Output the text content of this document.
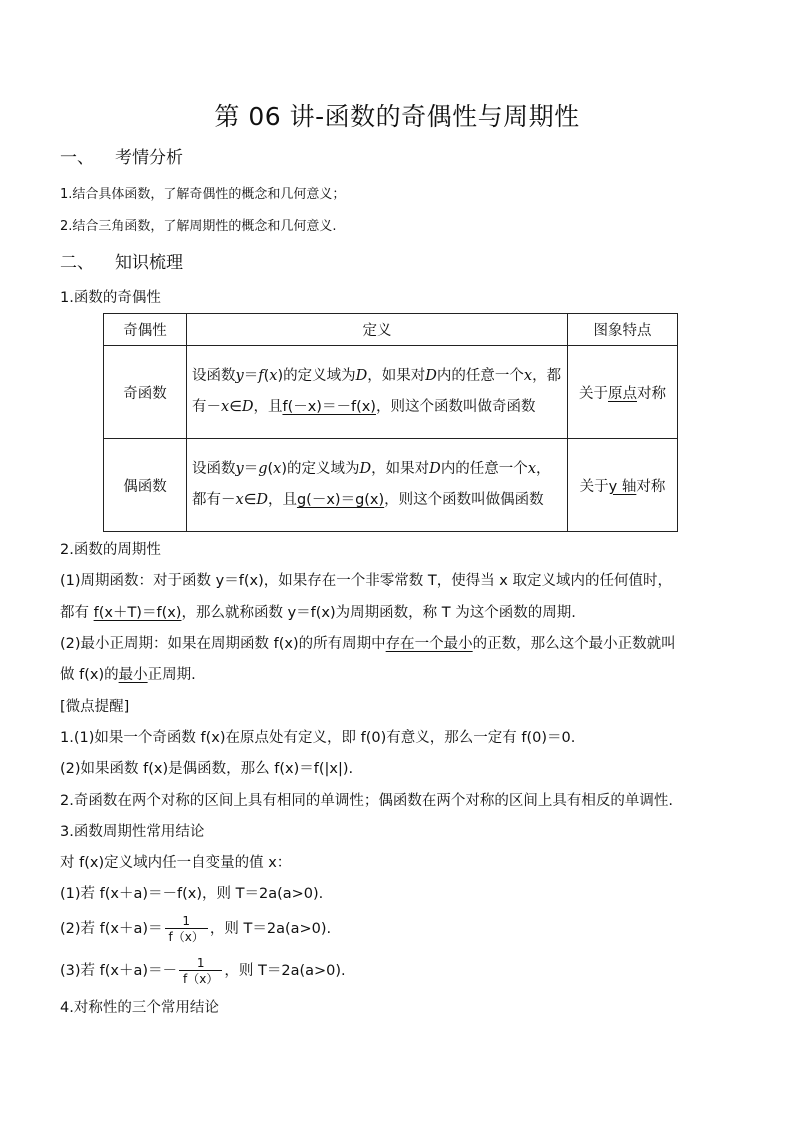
第 06 讲-函数的奇偶性与周期性
一、 考情分析
1.结合具体函数，了解奇偶性的概念和几何意义；
2.结合三角函数，了解周期性的概念和几何意义.
二、 知识梳理
1.函数的奇偶性
奇偶性	定义	图象特点
奇函数	设函数y＝f(x)的定义域为D，如果对D内的任意一个x，都有－x∈D，且f(－x)＝－f(x)，则这个函数叫做奇函数	关于原点对称
偶函数	设函数y＝g(x)的定义域为D，如果对D内的任意一个x，都有－x∈D，且g(－x)＝g(x)，则这个函数叫做偶函数	关于y 轴对称
2.函数的周期性
(1)周期函数：对于函数 y＝f(x)，如果存在一个非零常数 T，使得当 x 取定义域内的任何值时，
都有 f(x＋T)＝f(x)，那么就称函数 y＝f(x)为周期函数，称 T 为这个函数的周期.
(2)最小正周期：如果在周期函数 f(x)的所有周期中存在一个最小的正数，那么这个最小正数就叫
做 f(x)的最小正周期.
[微点提醒]
1.(1)如果一个奇函数 f(x)在原点处有定义，即 f(0)有意义，那么一定有 f(0)＝0.
(2)如果函数 f(x)是偶函数，那么 f(x)＝f(|x|).
2.奇函数在两个对称的区间上具有相同的单调性；偶函数在两个对称的区间上具有相反的单调性.
3.函数周期性常用结论
对 f(x)定义域内任一自变量的值 x：
(1)若 f(x＋a)＝－f(x)，则 T＝2a(a>0).
(2)若 $f(x+a)= \frac{1}{f(x)}$ ，则 T＝2a(a>0).
(3)若 $f(x+a)=- \frac{1}{f(x)}$ ，则 T＝2a(a>0).
4.对称性的三个常用结论
